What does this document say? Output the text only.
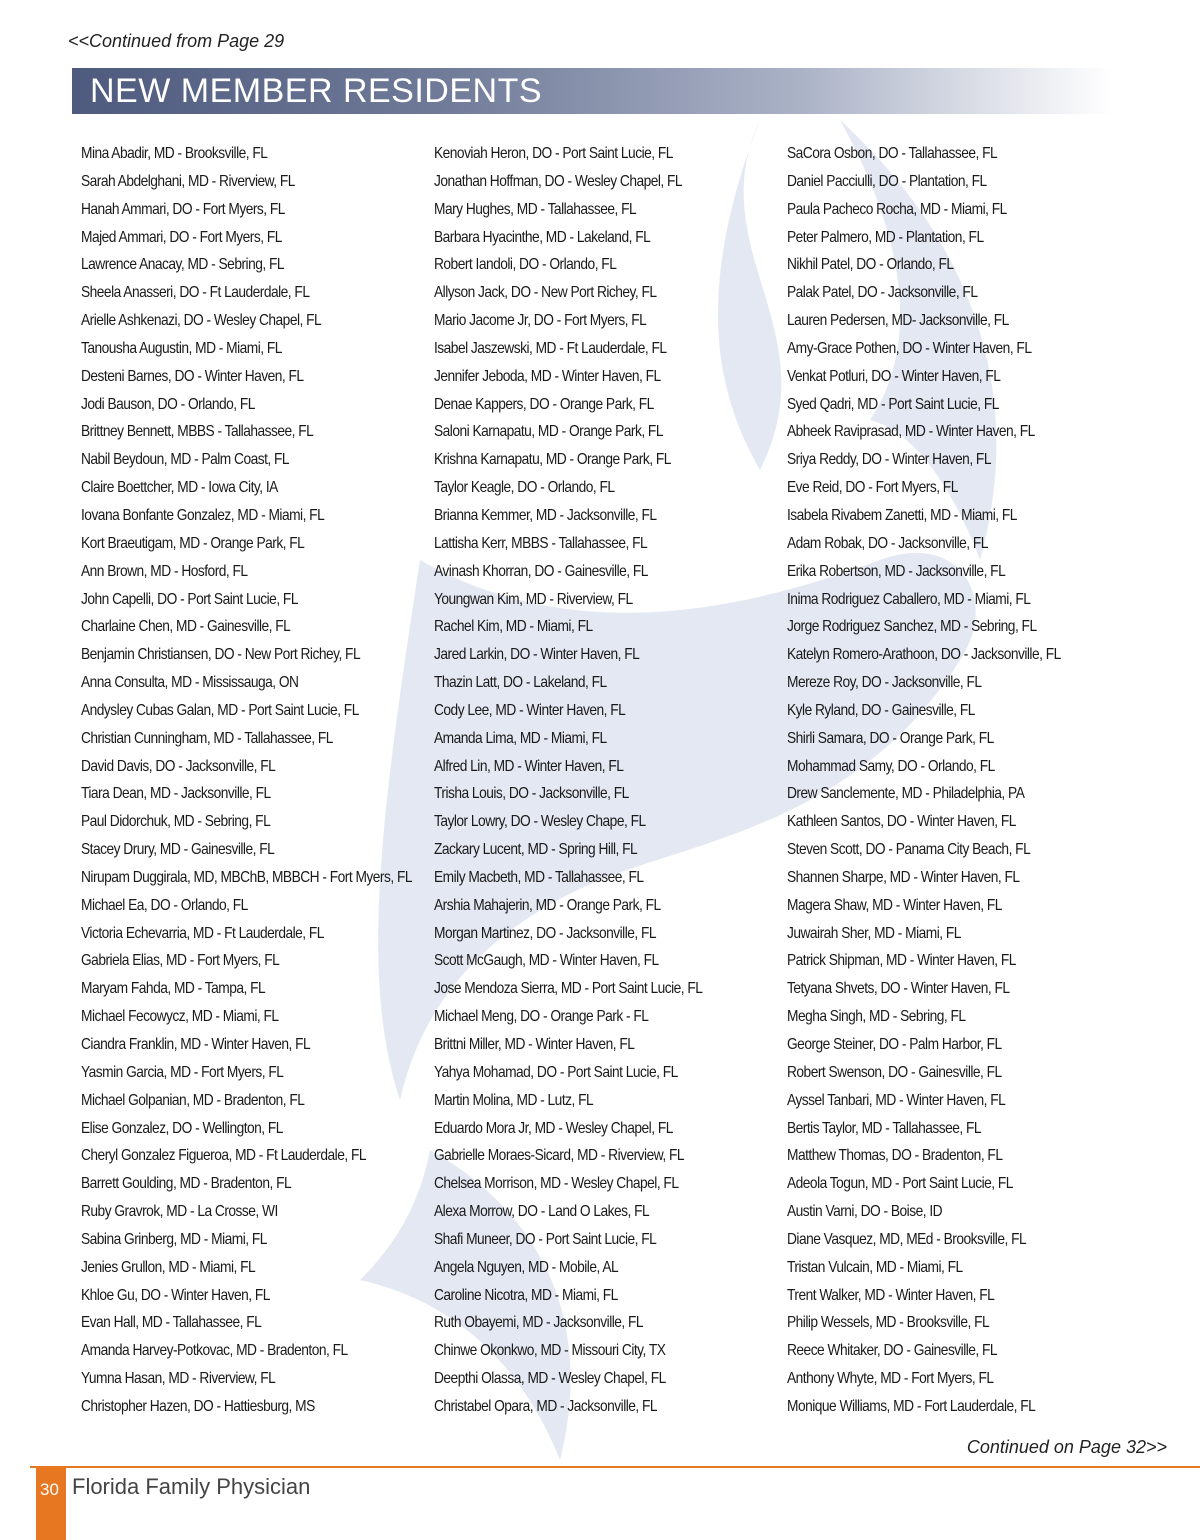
<<Continued from Page 29
NEW MEMBER RESIDENTS
Mina Abadir, MD - Brooksville, FL
Sarah Abdelghani, MD - Riverview, FL
Hanah Ammari, DO - Fort Myers, FL
Majed Ammari, DO - Fort Myers, FL
Lawrence Anacay, MD - Sebring, FL
Sheela Anasseri, DO - Ft Lauderdale, FL
Arielle Ashkenazi, DO - Wesley Chapel, FL
Tanousha Augustin, MD - Miami, FL
Desteni Barnes, DO - Winter Haven, FL
Jodi Bauson, DO - Orlando, FL
Brittney Bennett, MBBS - Tallahassee, FL
Nabil Beydoun, MD - Palm Coast, FL
Claire Boettcher, MD - Iowa City, IA
Iovana Bonfante Gonzalez, MD - Miami, FL
Kort Braeutigam, MD - Orange Park, FL
Ann Brown, MD - Hosford, FL
John Capelli, DO - Port Saint Lucie, FL
Charlaine Chen, MD - Gainesville, FL
Benjamin Christiansen, DO - New Port Richey, FL
Anna Consulta, MD - Mississauga, ON
Andysley Cubas Galan, MD - Port Saint Lucie, FL
Christian Cunningham, MD - Tallahassee, FL
David Davis, DO - Jacksonville, FL
Tiara Dean, MD - Jacksonville, FL
Paul Didorchuk, MD - Sebring, FL
Stacey Drury, MD - Gainesville, FL
Nirupam Duggirala, MD, MBChB, MBBCH - Fort Myers, FL
Michael Ea, DO - Orlando, FL
Victoria Echevarria, MD - Ft Lauderdale, FL
Gabriela Elias, MD - Fort Myers, FL
Maryam Fahda, MD - Tampa, FL
Michael Fecowycz, MD - Miami, FL
Ciandra Franklin, MD - Winter Haven, FL
Yasmin Garcia, MD - Fort Myers, FL
Michael Golpanian, MD - Bradenton, FL
Elise Gonzalez, DO - Wellington, FL
Cheryl Gonzalez Figueroa, MD - Ft Lauderdale, FL
Barrett Goulding, MD - Bradenton, FL
Ruby Gravrok, MD - La Crosse, WI
Sabina Grinberg, MD - Miami, FL
Jenies Grullon, MD - Miami, FL
Khloe Gu, DO - Winter Haven, FL
Evan Hall, MD - Tallahassee, FL
Amanda Harvey-Potkovac, MD - Bradenton, FL
Yumna Hasan, MD - Riverview, FL
Christopher Hazen, DO - Hattiesburg, MS
Kenoviah Heron, DO - Port Saint Lucie, FL
Jonathan Hoffman, DO - Wesley Chapel, FL
Mary Hughes, MD - Tallahassee, FL
Barbara Hyacinthe, MD - Lakeland, FL
Robert Iandoli, DO - Orlando, FL
Allyson Jack, DO - New Port Richey, FL
Mario Jacome Jr, DO - Fort Myers, FL
Isabel Jaszewski, MD - Ft Lauderdale, FL
Jennifer Jeboda, MD - Winter Haven, FL
Denae Kappers, DO - Orange Park, FL
Saloni Karnapatu, MD - Orange Park, FL
Krishna Karnapatu, MD - Orange Park, FL
Taylor Keagle, DO - Orlando, FL
Brianna Kemmer, MD - Jacksonville, FL
Lattisha Kerr, MBBS - Tallahassee, FL
Avinash Khorran, DO - Gainesville, FL
Youngwan Kim, MD - Riverview, FL
Rachel Kim, MD - Miami, FL
Jared Larkin, DO - Winter Haven, FL
Thazin Latt, DO - Lakeland, FL
Cody Lee, MD - Winter Haven, FL
Amanda Lima, MD - Miami, FL
Alfred Lin, MD - Winter Haven, FL
Trisha Louis, DO - Jacksonville, FL
Taylor Lowry, DO - Wesley Chape, FL
Zackary Lucent, MD - Spring Hill, FL
Emily Macbeth, MD - Tallahassee, FL
Arshia Mahajerin, MD - Orange Park, FL
Morgan Martinez, DO - Jacksonville, FL
Scott McGaugh, MD - Winter Haven, FL
Jose Mendoza Sierra, MD - Port Saint Lucie, FL
Michael Meng, DO - Orange Park - FL
Brittni Miller, MD - Winter Haven, FL
Yahya Mohamad, DO - Port Saint Lucie, FL
Martin Molina, MD - Lutz, FL
Eduardo Mora Jr, MD - Wesley Chapel, FL
Gabrielle Moraes-Sicard, MD - Riverview, FL
Chelsea Morrison, MD - Wesley Chapel, FL
Alexa Morrow, DO - Land O Lakes, FL
Shafi Muneer, DO - Port Saint Lucie, FL
Angela Nguyen, MD - Mobile, AL
Caroline Nicotra, MD - Miami, FL
Ruth Obayemi, MD - Jacksonville, FL
Chinwe Okonkwo, MD - Missouri City, TX
Deepthi Olassa, MD - Wesley Chapel, FL
Christabel Opara, MD - Jacksonville, FL
SaCora Osbon, DO - Tallahassee, FL
Daniel Pacciulli, DO - Plantation, FL
Paula Pacheco Rocha, MD - Miami, FL
Peter Palmero, MD - Plantation, FL
Nikhil Patel, DO - Orlando, FL
Palak Patel, DO - Jacksonville, FL
Lauren Pedersen, MD- Jacksonville, FL
Amy-Grace Pothen, DO - Winter Haven, FL
Venkat Potluri, DO - Winter Haven, FL
Syed Qadri, MD - Port Saint Lucie, FL
Abheek Raviprasad, MD - Winter Haven, FL
Sriya Reddy, DO - Winter Haven, FL
Eve Reid, DO - Fort Myers, FL
Isabela Rivabem Zanetti, MD - Miami, FL
Adam Robak, DO - Jacksonville, FL
Erika Robertson, MD - Jacksonville, FL
Inima Rodriguez Caballero, MD - Miami, FL
Jorge Rodriguez Sanchez, MD - Sebring, FL
Katelyn Romero-Arathoon, DO - Jacksonville, FL
Mereze Roy, DO - Jacksonville, FL
Kyle Ryland, DO - Gainesville, FL
Shirli Samara, DO - Orange Park, FL
Mohammad Samy, DO - Orlando, FL
Drew Sanclemente, MD - Philadelphia, PA
Kathleen Santos, DO - Winter Haven, FL
Steven Scott, DO - Panama City Beach, FL
Shannen Sharpe, MD - Winter Haven, FL
Magera Shaw, MD - Winter Haven, FL
Juwairah Sher, MD - Miami, FL
Patrick Shipman, MD - Winter Haven, FL
Tetyana Shvets, DO - Winter Haven, FL
Megha Singh, MD - Sebring, FL
George Steiner, DO - Palm Harbor, FL
Robert Swenson, DO - Gainesville, FL
Ayssel Tanbari, MD - Winter Haven, FL
Bertis Taylor, MD - Tallahassee, FL
Matthew Thomas, DO - Bradenton, FL
Adeola Togun, MD - Port Saint Lucie, FL
Austin Varni, DO - Boise, ID
Diane Vasquez, MD, MEd - Brooksville, FL
Tristan Vulcain, MD - Miami, FL
Trent Walker, MD - Winter Haven, FL
Philip Wessels, MD - Brooksville, FL
Reece Whitaker, DO - Gainesville, FL
Anthony Whyte, MD - Fort Myers, FL
Monique Williams, MD - Fort Lauderdale, FL
Continued on Page 32>>
30 Florida Family Physician
